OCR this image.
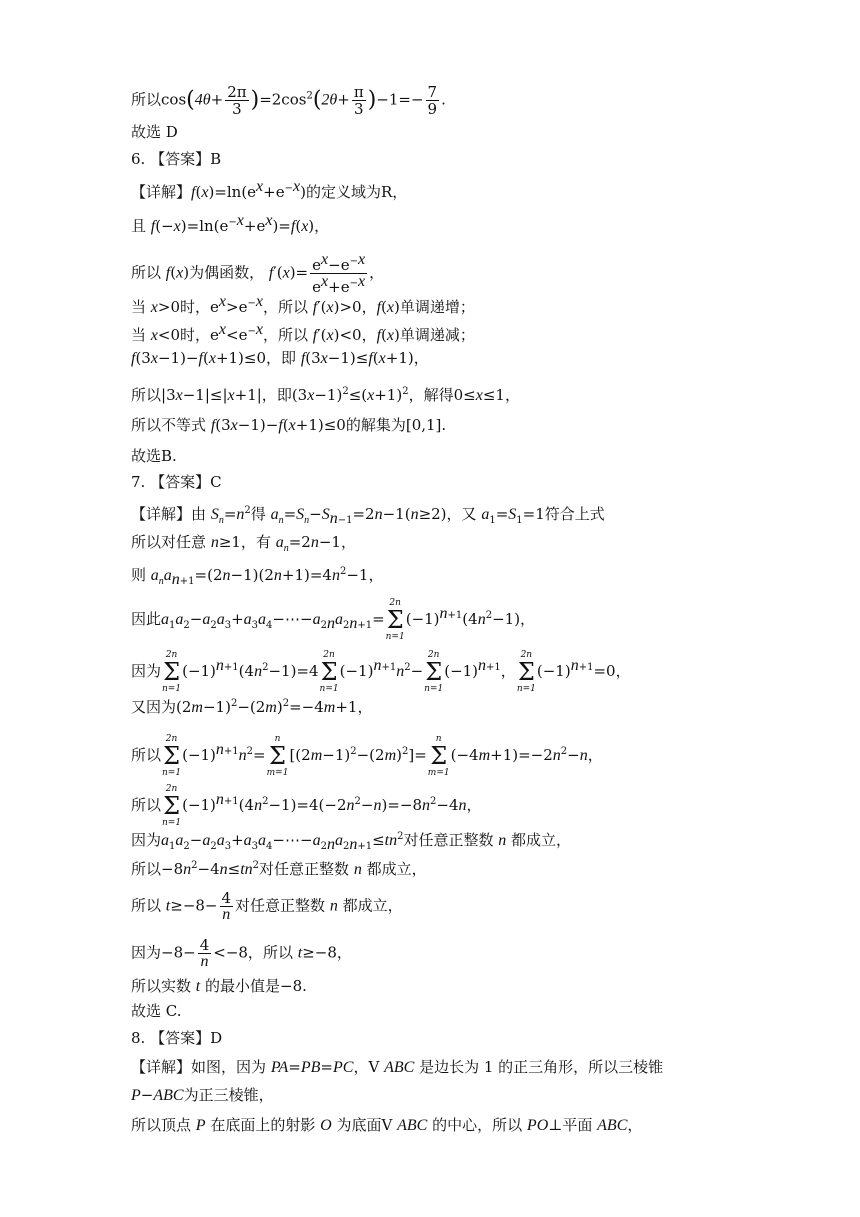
所以$\cos(4\theta+ \frac{2\pi}{3} )=2\cos^2(2\theta+ \frac{\pi}{3} )-1=- \frac{7}{9}$ .
故选 D
6. 【答案】B
【详解】$f(x)=\ln(e^x+e^{-x})$的定义域为R，
且 $f(-x)=\ln(e^{-x}+e^x)=f(x)$，
所以 f(x)为偶函数， $f'(x)= \frac{e^x-e^{-x}}{e^x+e^{-x}}$ ，
当 x>0时，$e^x>e^{-x}$，所以 f′(x)>0，f(x)单调递增；
当 x<0时，$e^x<e^{-x}$，所以 f′(x)<0，f(x)单调递减；
f(3x−1)−f(x+1)≤0，即 f(3x−1)≤f(x+1)，
所以|3x−1|≤|x+1|，即$(3x-1)^2\le(x+1)^2$，解得0≤x≤1，
所以不等式 f(3x−1)−f(x+1)≤0的解集为[0,1].
故选B.
7. 【答案】C
【详解】由 $S_n=n^2$得 $a_n=S_n-S_{n-1}=2n-1(n\ge 2)$，又 $a_1=S_1=1$符合上式
所以对任意 n≥1，有 $a_n=2n-1$，
则 $a_na_{n+1}=(2n-1)(2n+1)=4n^2-1$，
因此$a_1a_2-a_2a_3+a_3a_4-\cdots-a_{2n}a_{2n+1}=$
2n
Σ
n=1
$(-1)^{n+1}(4n^2-1)$，
因为
2n
Σ
n=1
$(-1)^{n+1}(4n^2-1)=4$
2n
Σ
n=1
$(-1)^{n+1}n^2-$
2n
Σ
n=1
$(-1)^{n+1}$，
2n
Σ
n=1
$(-1)^{n+1}=0$，
又因为$(2m-1)^2-(2m)^2=-4m+1$，
所以
2n
Σ
n=1
$(-1)^{n+1}n^2=$
n
Σ
m=1
$[(2m-1)^2-(2m)^2]=$
n
Σ
m=1
$(-4m+1)=-2n^2-n$，
所以
2n
Σ
n=1
$(-1)^{n+1}(4n^2-1)=4(-2n^2-n)=-8n^2-4n$，
因为$a_1a_2-a_2a_3+a_3a_4-\cdots-a_{2n}a_{2n+1}\le tn^2$对任意正整数 n 都成立，
所以$-8n^2-4n\le tn^2$对任意正整数 n 都成立，
所以 $t\ge-8- \frac{4}{n}$ 对任意正整数 n 都成立，
因为$-8- \frac{4}{n} <-8$，所以 t≥−8，
所以实数 t 的最小值是−8.
故选 C.
8. 【答案】D
【详解】如图，因为 PA=PB=PC，V ABC 是边长为 1 的正三角形，所以三棱锥
P−ABC为正三棱锥，
所以顶点 P 在底面上的射影 O 为底面V ABC 的中心，所以 PO⊥平面 ABC，
